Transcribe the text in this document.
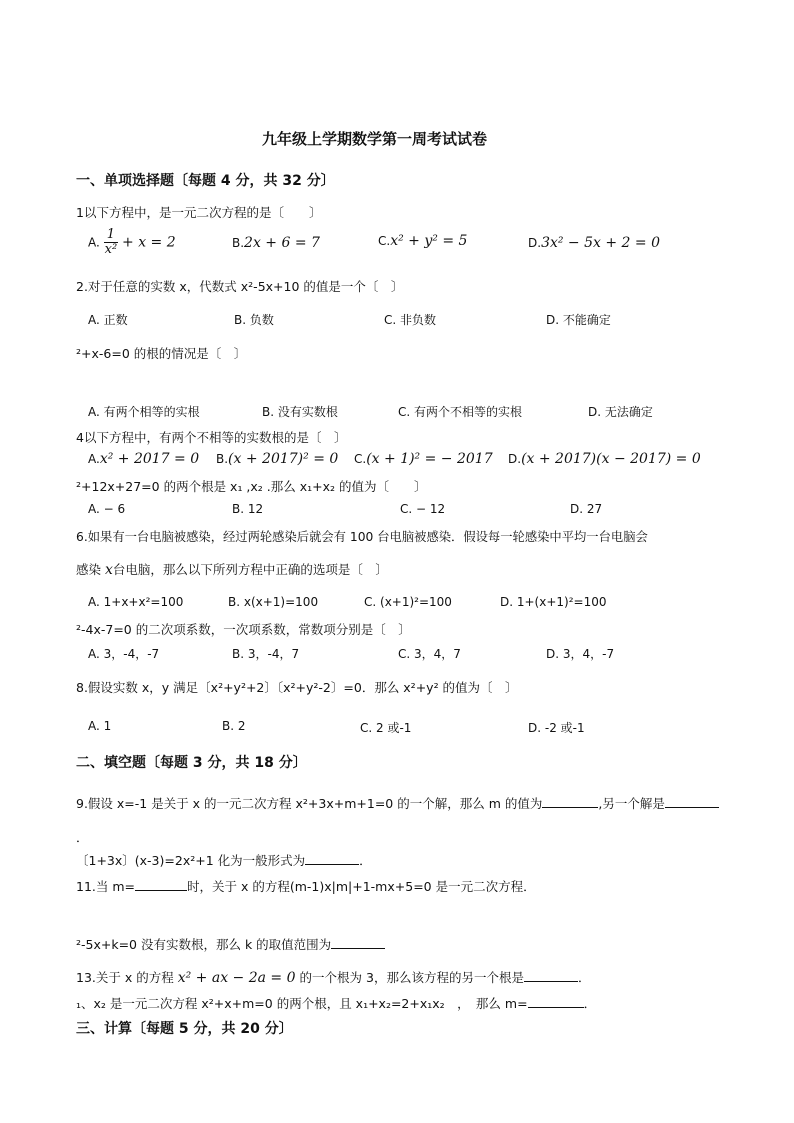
九年级上学期数学第一周考试试卷
一、单项选择题〔每题 4 分，共 32 分〕
1以下方程中，是一元二次方程的是〔　　〕
A. $\frac{1}{\text{x²}} + x = 2$	B.2x + 6 = 7	C.x² + y² = 5	D.3x² − 5x + 2 = 0
2.对于任意的实数 x，代数式 x²-5x+10 的值是一个〔　〕
A. 正数	B. 负数	C. 非负数	D. 不能确定
²+x-6=0 的根的情况是〔　〕
A. 有两个相等的实根	B. 没有实数根	C. 有两个不相等的实根	D. 无法确定
4以下方程中，有两个不相等的实数根的是〔　〕
A.x² + 2017 = 0 B.(x + 2017)² = 0 C.(x + 1)² = − 2017 D.(x + 2017)(x − 2017) = 0
²+12x+27=0 的两个根是 x₁ ,x₂ .那么 x₁+x₂ 的值为〔　　〕
A. − 6	B. 12	C. − 12	D. 27
6.如果有一台电脑被感染，经过两轮感染后就会有 100 台电脑被感染．假设每一轮感染中平均一台电脑会
感染 x台电脑，那么以下所列方程中正确的选项是〔　〕
A. 1+x+x²=100	B. x(x+1)=100	C. (x+1)²=100	D. 1+(x+1)²=100
²-4x-7=0 的二次项系数，一次项系数，常数项分别是〔　〕
A. 3，-4，-7	B. 3，-4，7	C. 3，4，7	D. 3，4，-7
8.假设实数 x，y 满足〔x²+y²+2〕〔x²+y²-2〕=0．那么 x²+y² 的值为〔　〕
A. 1	B. 2	C. 2 或-1	D. -2 或-1
二、填空题〔每题 3 分，共 18 分〕
9.假设 x=-1 是关于 x 的一元二次方程 x²+3x+m+1=0 的一个解，那么 m 的值为	,另一个解是
．
〔1+3x〕(x-3)=2x²+1 化为一般形式为	．
11.当 m=	时，关于 x 的方程(m-1)x|m|+1-mx+5=0 是一元二次方程．
²-5x+k=0 没有实数根，那么 k 的取值范围为
13.关于 x 的方程 x² + ax − 2a = 0 的一个根为 3，那么该方程的另一个根是	．
₁、x₂ 是一元二次方程 x²+x+m=0 的两个根，且 x₁+x₂=2+x₁x₂　，　那么 m=	．
三、计算〔每题 5 分，共 20 分〕
